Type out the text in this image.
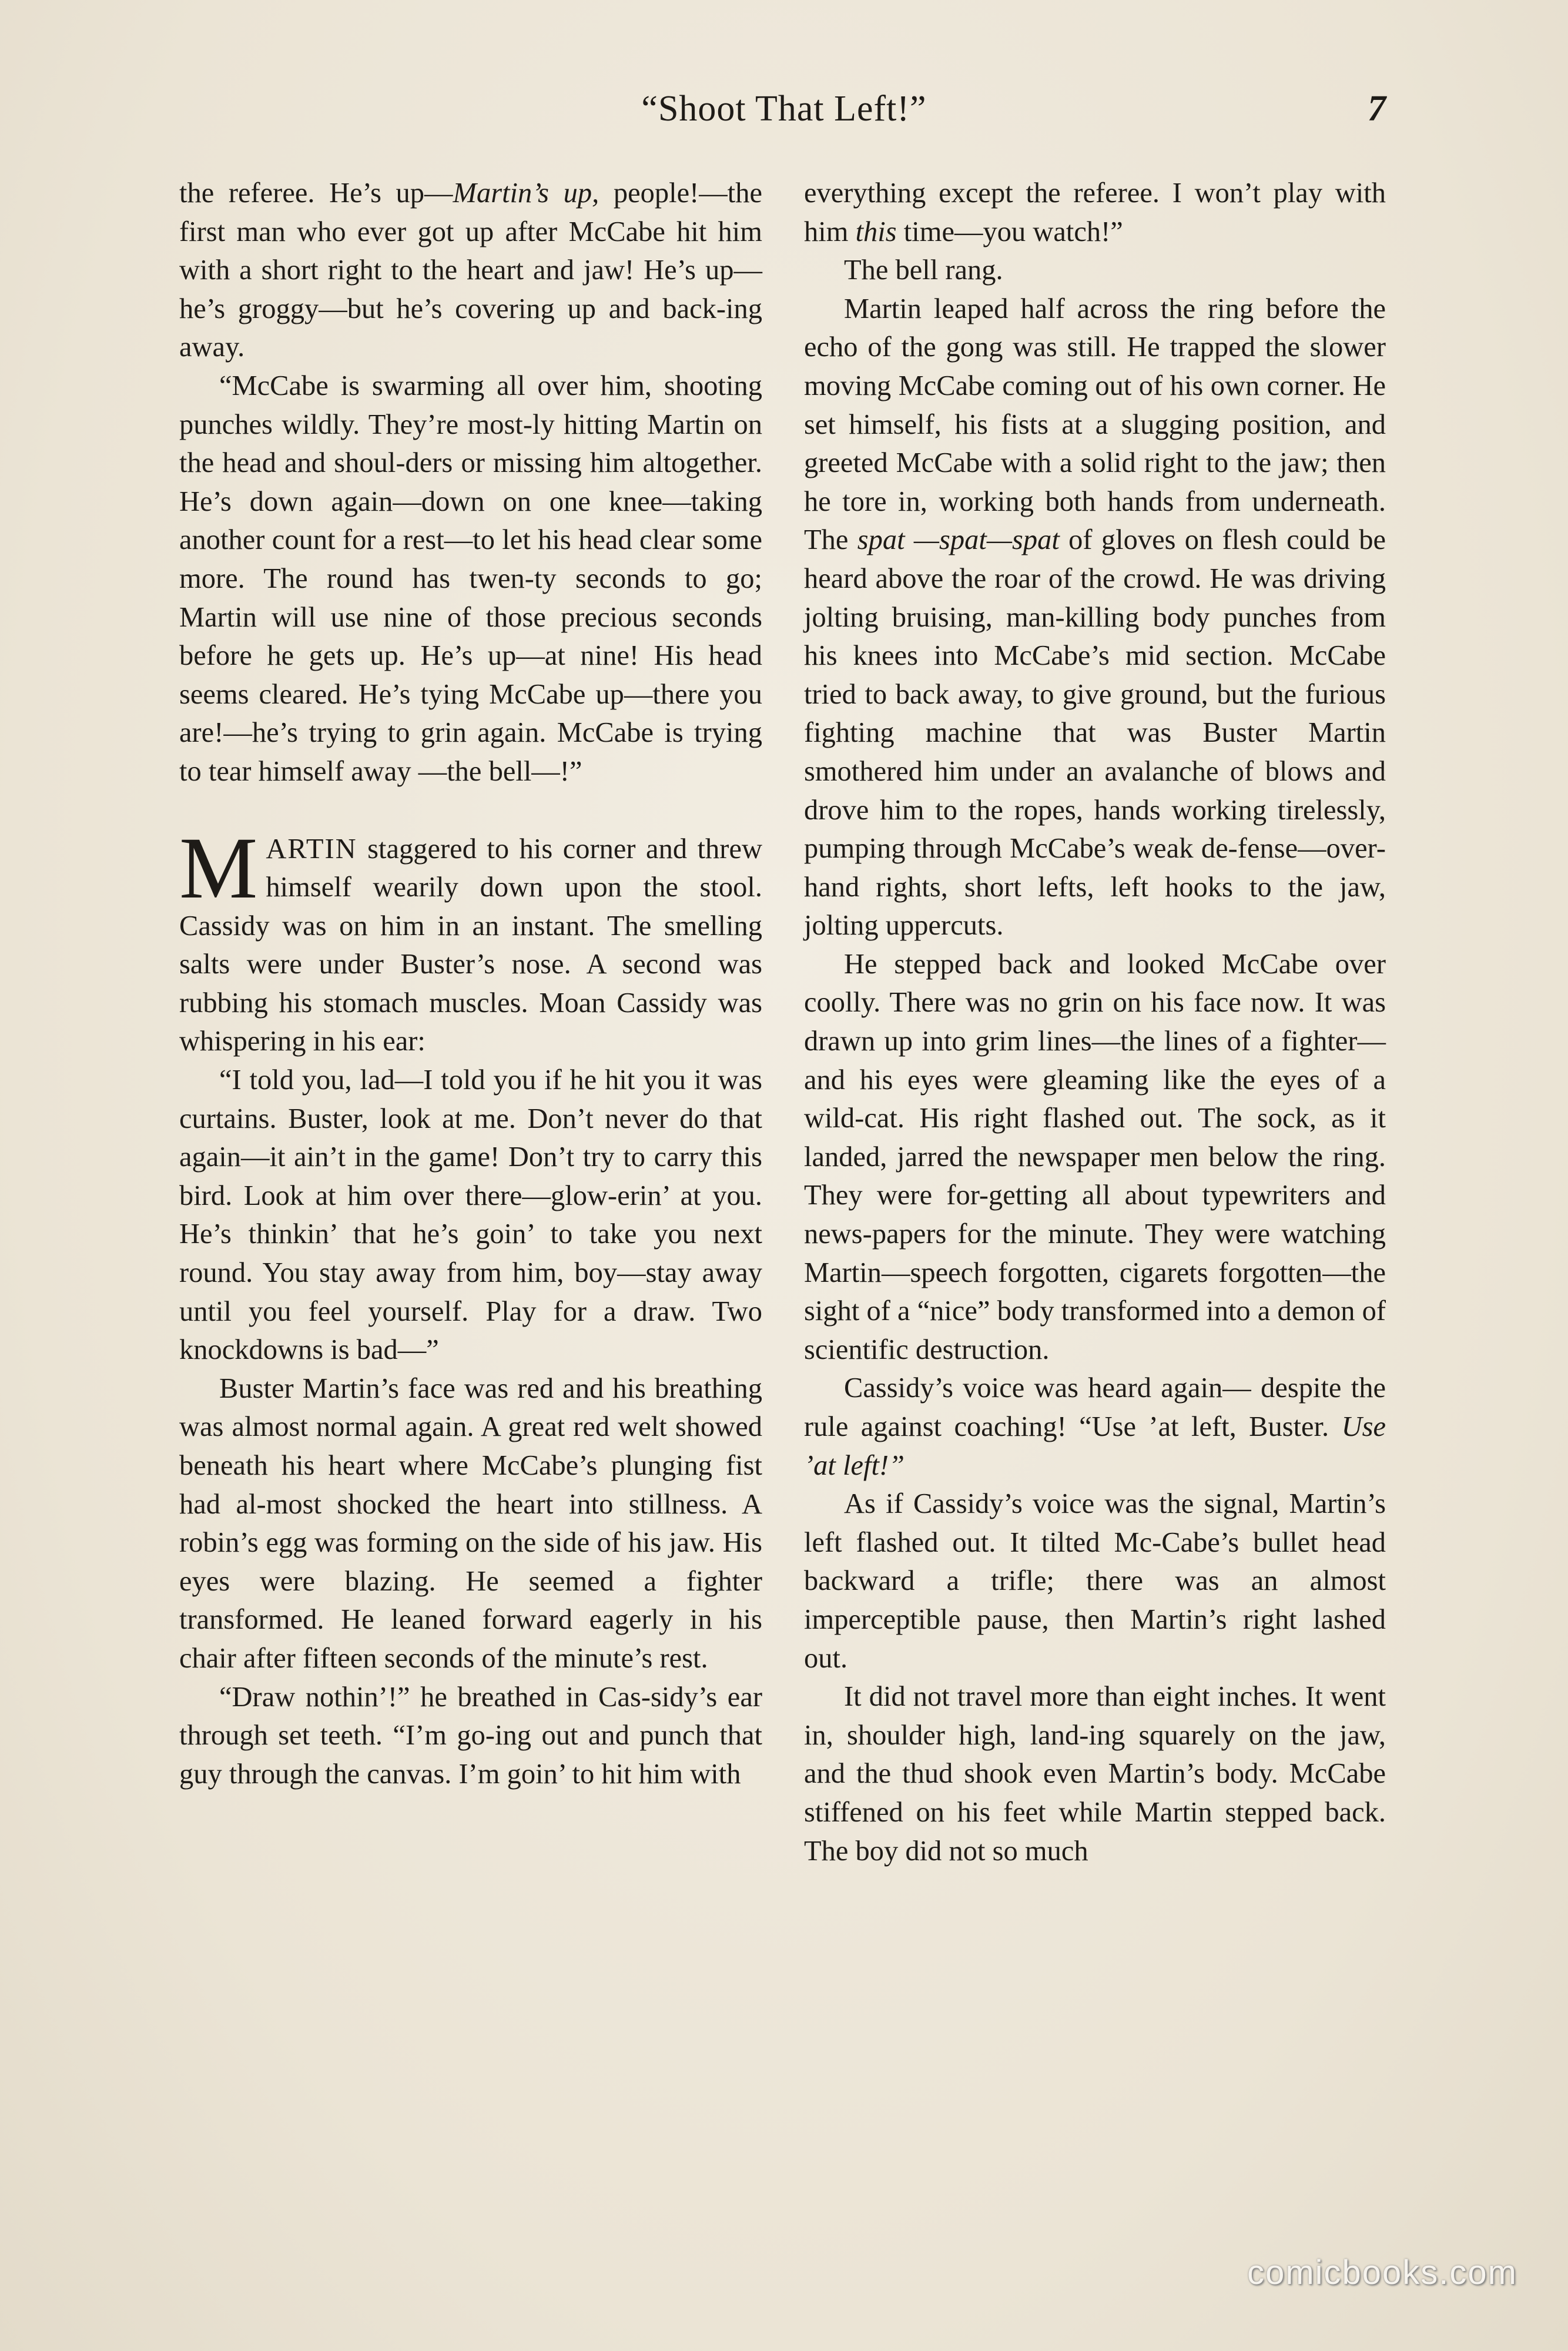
“Shoot That Left!”	7

the referee. He’s up—Martin’s up, people!—the first man who ever got up after McCabe hit him with a short right to the heart and jaw! He’s up—he’s groggy—but he’s covering up and back-ing away.

“McCabe is swarming all over him, shooting punches wildly. They’re most-ly hitting Martin on the head and shoul-ders or missing him altogether. He’s down again—down on one knee—taking another count for a rest—to let his head clear some more. The round has twen-ty seconds to go; Martin will use nine of those precious seconds before he gets up. He’s up—at nine! His head seems cleared. He’s tying McCabe up—there you are!—he’s trying to grin again. McCabe is trying to tear himself away —the bell—!”

MARTIN staggered to his corner and threw himself wearily down upon the stool. Cassidy was on him in an instant. The smelling salts were under Buster’s nose. A second was rubbing his stomach muscles. Moan Cassidy was whispering in his ear:

“I told you, lad—I told you if he hit you it was curtains. Buster, look at me. Don’t never do that again—it ain’t in the game! Don’t try to carry this bird. Look at him over there—glow-erin’ at you. He’s thinkin’ that he’s goin’ to take you next round. You stay away from him, boy—stay away until you feel yourself. Play for a draw. Two knockdowns is bad—”

Buster Martin’s face was red and his breathing was almost normal again. A great red welt showed beneath his heart where McCabe’s plunging fist had al-most shocked the heart into stillness. A robin’s egg was forming on the side of his jaw. His eyes were blazing. He seemed a fighter transformed. He leaned forward eagerly in his chair after fifteen seconds of the minute’s rest.

“Draw nothin’!” he breathed in Cas-sidy’s ear through set teeth. “I’m go-ing out and punch that guy through the canvas. I’m goin’ to hit him with

everything except the referee. I won’t play with him this time—you watch!”

The bell rang.

Martin leaped half across the ring before the echo of the gong was still. He trapped the slower moving McCabe coming out of his own corner. He set himself, his fists at a slugging position, and greeted McCabe with a solid right to the jaw; then he tore in, working both hands from underneath. The spat —spat—spat of gloves on flesh could be heard above the roar of the crowd. He was driving jolting bruising, man-killing body punches from his knees into McCabe’s mid section. McCabe tried to back away, to give ground, but the furious fighting machine that was Buster Martin smothered him under an avalanche of blows and drove him to the ropes, hands working tirelessly, pumping through McCabe’s weak de-fense—over-hand rights, short lefts, left hooks to the jaw, jolting uppercuts.

He stepped back and looked McCabe over coolly. There was no grin on his face now. It was drawn up into grim lines—the lines of a fighter—and his eyes were gleaming like the eyes of a wild-cat. His right flashed out. The sock, as it landed, jarred the newspaper men below the ring. They were for-getting all about typewriters and news-papers for the minute. They were watching Martin—speech forgotten, cigarets forgotten—the sight of a “nice” body transformed into a demon of scientific destruction.

Cassidy’s voice was heard again— despite the rule against coaching! “Use ’at left, Buster. Use ’at left!”

As if Cassidy’s voice was the signal, Martin’s left flashed out. It tilted Mc-Cabe’s bullet head backward a trifle; there was an almost imperceptible pause, then Martin’s right lashed out.

It did not travel more than eight inches. It went in, shoulder high, land-ing squarely on the jaw, and the thud shook even Martin’s body. McCabe stiffened on his feet while Martin stepped back. The boy did not so much

comicbooks.com
